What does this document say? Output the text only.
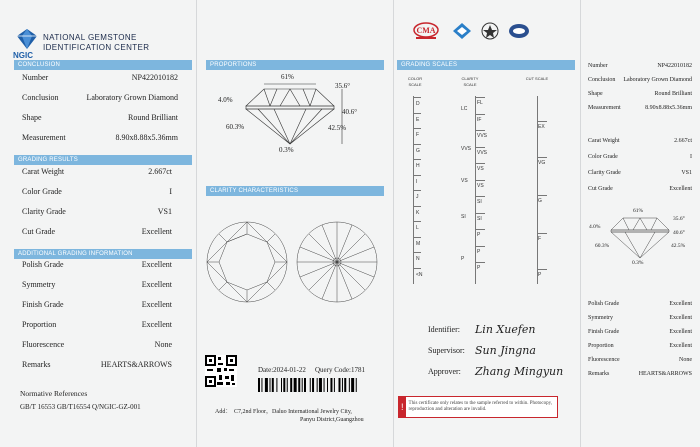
NGIC
NATIONAL GEMSTONE
IDENTIFICATION CENTER
CONCLUSION
Number	NP422010182
Conclusion	Laboratory Grown Diamond
Shape	Round Brilliant
Measurement	8.90x8.88x5.36mm
GRADING RESULTS
Carat Weight	2.667ct
Color Grade	I
Clarity Grade	VS1
Cut Grade	Excellent
ADDITIONAL GRADING INFORMATION
Polish Grade	Excellent
Symmetry	Excellent
Finish Grade	Excellent
Proportion	Excellent
Fluorescence	None
Remarks	HEARTS&ARROWS
Normative References
GB/T 16553 GB/T16554 Q/NGIC-GZ-001
PROPORTIONS
61%
35.6°
4.0%
40.6°
60.3%	42.5%
0.3%
CLARITY CHARACTERISTICS
Date:2024-01-22 Query Code:1781
Add： C7,2nd Floor，Daluo International Jewelry City,
Panyu District,Guangzhou
CMA
GRADING SCALES
COLOR SCALE
CLARITY SCALE
CUT SCALE
D
E
F
G
H
I
J
K
L
M
N
<N
LC
VVS
VS
SI
P
FL
IF
VVS
VVS
VS
VS
SI
SI
P
P
P
EX
VG
G
F
P
Identifier: Lin Xuefen
Supervisor: Sun Jingna
Approver: Zhang Mingyun
!	This certificate only relates to the sample referred to within. Photocopy, reproduction and alteration are invalid.
Number	NP422010182
Conclusion Laboratory Grown Diamond
Shape	Round Brilliant
Measurement	8.90x8.88x5.36mm
Carat Weight	2.667ct
Color Grade	I
Clarity Grade	VS1
Cut Grade	Excellent
Polish Grade	Excellent
Symmetry	Excellent
Finish Grade	Excellent
Proportion	Excellent
Fluorescence	None
Remarks	HEARTS&ARROWS
61%
35.6°
4.0%
40.6°
60.3%	42.5%
0.3%
